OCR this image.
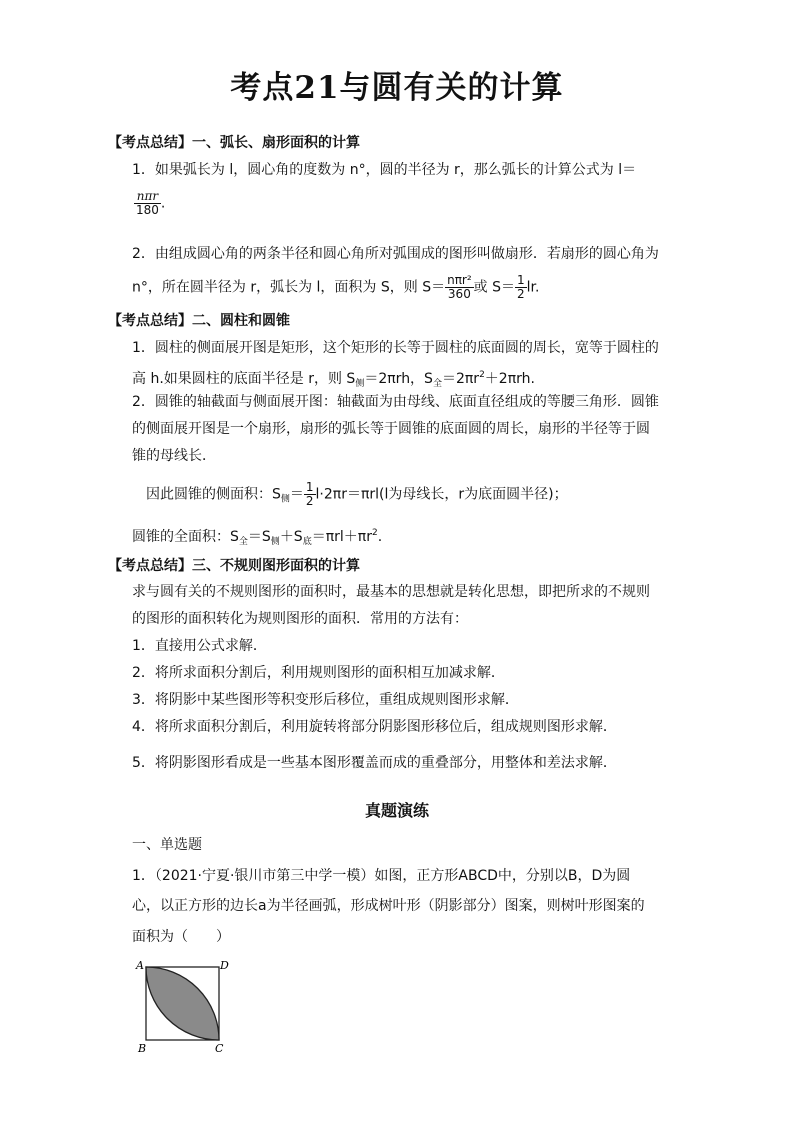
考点21与圆有关的计算
【考点总结】一、弧长、扇形面积的计算
1．如果弧长为 l，圆心角的度数为 n°，圆的半径为 r，那么弧长的计算公式为 l＝
$\frac{\text{nπr}}{180}$ .
2．由组成圆心角的两条半径和圆心角所对弧围成的图形叫做扇形．若扇形的圆心角为
n°，所在圆半径为 r，弧长为 l，面积为 S，则 $S= \frac{\text{nπr²}}{360}$ 或 $S= \frac{1}{2}$ lr.
【考点总结】二、圆柱和圆锥
1．圆柱的侧面展开图是矩形，这个矩形的长等于圆柱的底面圆的周长，宽等于圆柱的
高 h.如果圆柱的底面半径是 r，则 $S_侧=2\pi rh$，$S_全=2\pi r^2+2\pi rh$.
2．圆锥的轴截面与侧面展开图：轴截面为由母线、底面直径组成的等腰三角形．圆锥
的侧面展开图是一个扇形，扇形的弧长等于圆锥的底面圆的周长，扇形的半径等于圆
锥的母线长．
因此圆锥的侧面积：$S_侧= \frac{1}{2} l\cdot 2\pi r=\pi rl(l$为母线长，r为底面圆半径)；
圆锥的全面积：$S_全=S_侧+S_底=\pi rl+\pi r^2$.
【考点总结】三、不规则图形面积的计算
求与圆有关的不规则图形的面积时，最基本的思想就是转化思想，即把所求的不规则
的图形的面积转化为规则图形的面积．常用的方法有：
1．直接用公式求解．
2．将所求面积分割后，利用规则图形的面积相互加减求解．
3．将阴影中某些图形等积变形后移位，重组成规则图形求解．
4．将所求面积分割后，利用旋转将部分阴影图形移位后，组成规则图形求解．
5．将阴影图形看成是一些基本图形覆盖而成的重叠部分，用整体和差法求解．
真题演练
一、单选题
1．（2021·宁夏·银川市第三中学一模）如图，正方形ABCD中，分别以B，D为圆
心，以正方形的边长a为半径画弧，形成树叶形（阴影部分）图案，则树叶形图案的
面积为（　　）
A	D
B	C
